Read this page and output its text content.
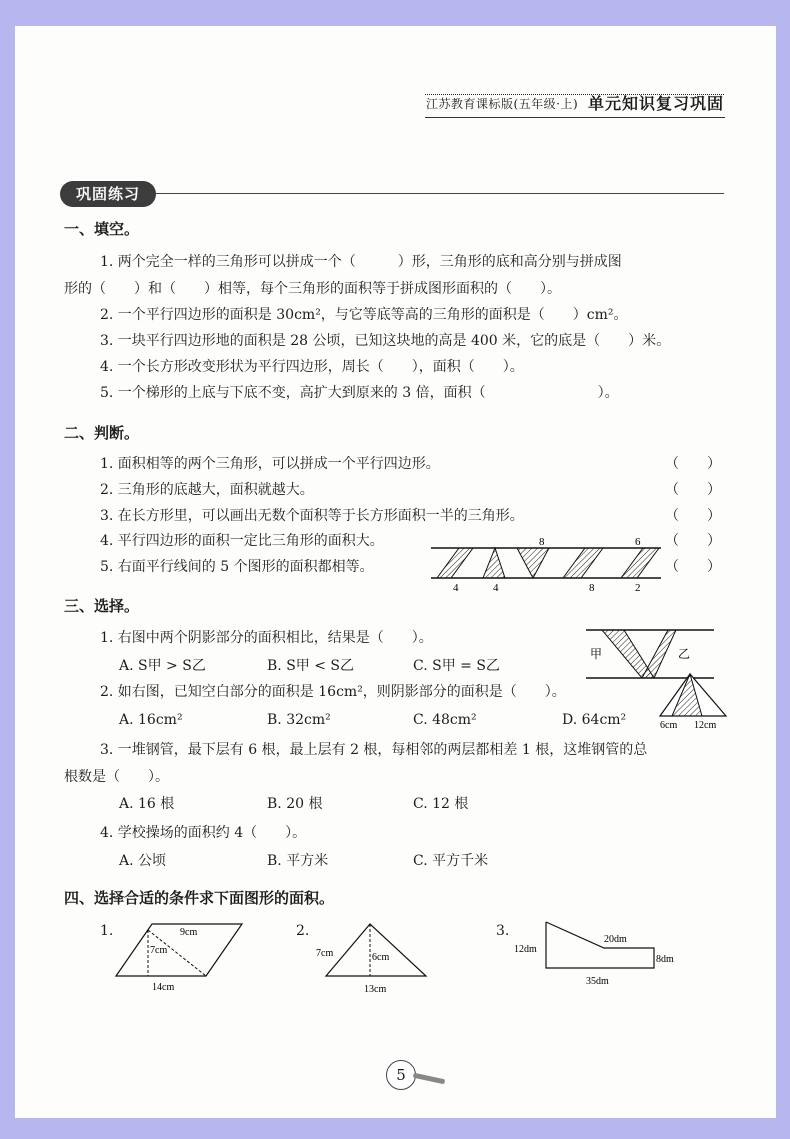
江苏教育课标版(五年级·上) 单元知识复习巩固
巩固练习
一、填空。
1. 两个完全一样的三角形可以拼成一个（　　　）形，三角形的底和高分别与拼成图
形的（　　）和（　　）相等，每个三角形的面积等于拼成图形面积的（　　）。
2. 一个平行四边形的面积是 30cm²，与它等底等高的三角形的面积是（　　）cm²。
3. 一块平行四边形地的面积是 28 公顷，已知这块地的高是 400 米，它的底是（　　）米。
4. 一个长方形改变形状为平行四边形，周长（　　），面积（　　）。
5. 一个梯形的上底与下底不变，高扩大到原来的 3 倍，面积（　　　　　　　　）。
二、判断。
1. 面积相等的两个三角形，可以拼成一个平行四边形。	（　　）
2. 三角形的底越大，面积就越大。	（　　）
3. 在长方形里，可以画出无数个面积等于长方形面积一半的三角形。	（　　）
4. 平行四边形的面积一定比三角形的面积大。	（　　）
5. 右面平行线间的 5 个图形的面积都相等。	（　　）
8	6
4	4	8	2
三、选择。
1. 右图中两个阴影部分的面积相比，结果是（　　）。
A. S甲 > S乙	B. S甲 < S乙	C. S甲 = S乙
甲	乙
2. 如右图，已知空白部分的面积是 16cm²，则阴影部分的面积是（　　）。
A. 16cm²	B. 32cm²	C. 48cm²	D. 64cm²	6cm 12cm
3. 一堆钢管，最下层有 6 根，最上层有 2 根，每相邻的两层都相差 1 根，这堆钢管的总
根数是（　　）。
A. 16 根	B. 20 根	C. 12 根
4. 学校操场的面积约 4（　　）。
A. 公顷	B. 平方米	C. 平方千米
四、选择合适的条件求下面图形的面积。
1.	2.	3.
9cm
7cm
14cm
7cm	6cm
13cm
12dm
20dm
8dm
35dm
5
